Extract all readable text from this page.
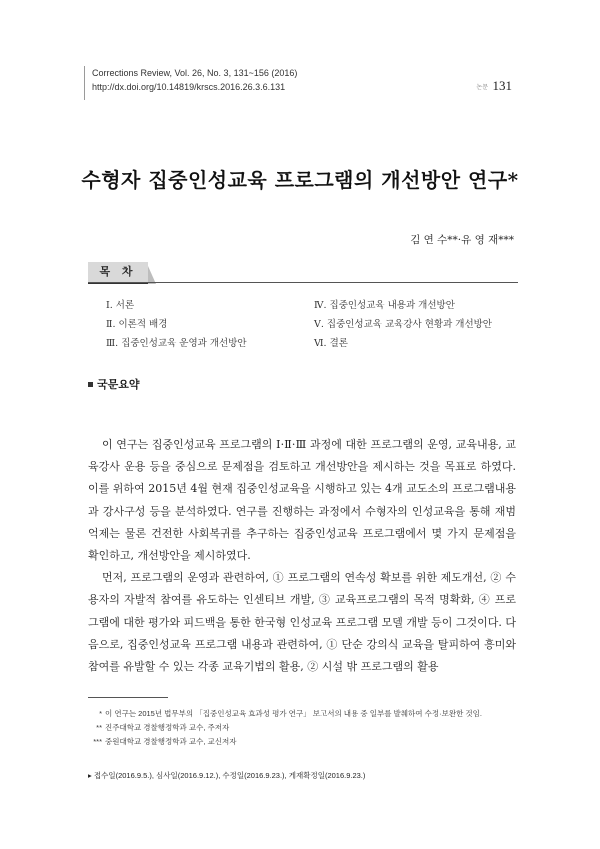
Corrections Review, Vol. 26, No. 3, 131~156 (2016)
http://dx.doi.org/10.14819/krscs.2016.26.3.6.131	논문 131
수형자 집중인성교육 프로그램의 개선방안 연구*
김 연 수**·유 영 재***
목 차
Ⅰ. 서론
Ⅱ. 이론적 배경
Ⅲ. 집중인성교육 운영과 개선방안
Ⅳ. 집중인성교육 내용과 개선방안
Ⅴ. 집중인성교육 교육강사 현황과 개선방안
Ⅵ. 결론
국문요약

이 연구는 집중인성교육 프로그램의 Ⅰ·Ⅱ·Ⅲ 과정에 대한 프로그램의 운영, 교육내용, 교육강사 운용 등을 중심으로 문제점을 검토하고 개선방안을 제시하는 것을 목표로 하였다. 이를 위하여 2015년 4월 현재 집중인성교육을 시행하고 있는 4개 교도소의 프로그램내용과 강사구성 등을 분석하였다. 연구를 진행하는 과정에서 수형자의 인성교육을 통해 재범억제는 물론 건전한 사회복귀를 추구하는 집중인성교육 프로그램에서 몇 가지 문제점을 확인하고, 개선방안을 제시하였다.

먼저, 프로그램의 운영과 관련하여, ① 프로그램의 연속성 확보를 위한 제도개선, ② 수용자의 자발적 참여를 유도하는 인센티브 개발, ③ 교육프로그램의 목적 명확화, ④ 프로그램에 대한 평가와 피드백을 통한 한국형 인성교육 프로그램 모델 개발 등이 그것이다. 다음으로, 집중인성교육 프로그램 내용과 관련하여, ① 단순 강의식 교육을 탈피하여 흥미와 참여를 유발할 수 있는 각종 교육기법의 활용, ② 시설 밖 프로그램의 활용

* 이 연구는 2015년 법무부의 「집중인성교육 효과성 평가 연구」 보고서의 내용 중 일부를 발췌하여 수정·보완한 것임.
** 진주대학교 경찰행정학과 교수, 주저자
*** 중원대학교 경찰행정학과 교수, 교신저자
▸ 접수일(2016.9.5.), 심사일(2016.9.12.), 수정일(2016.9.23.), 게재확정일(2016.9.23.)
